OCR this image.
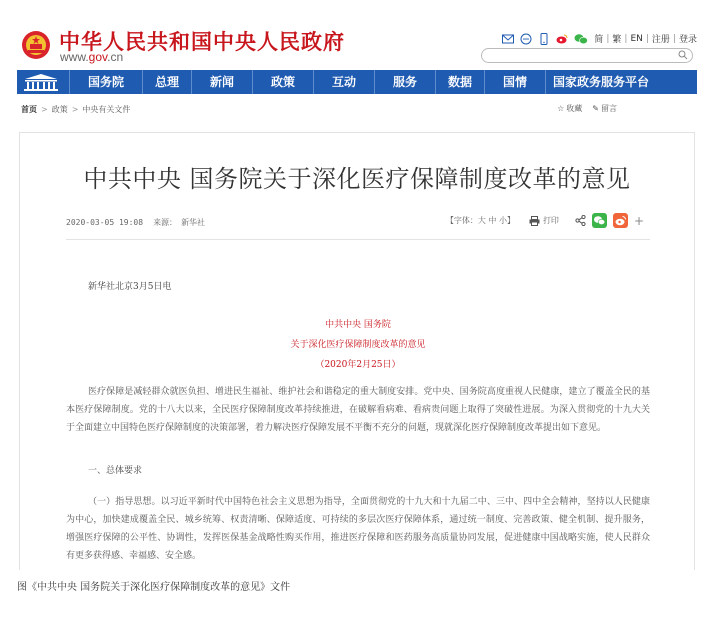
中华人民共和国中央人民政府
www.gov.cn
简 | 繁 | EN | 注册 | 登录
国务院	总理	新闻	政策	互动	服务	数据	国情	国家政务服务平台
首页 > 政策 > 中央有关文件	☆ 收藏 ✎ 留言
中共中央 国务院关于深化医疗保障制度改革的意见
2020-03-05 19:08 来源： 新华社	【字体：大 中 小】	打印	+
新华社北京3月5日电
中共中央 国务院
关于深化医疗保障制度改革的意见
（2020年2月25日）
医疗保障是减轻群众就医负担、增进民生福祉、维护社会和谐稳定的重大制度安排。党中央、国务院高度重视人民健康，建立了覆盖全民的基本医疗保障制度。党的十八大以来，全民医疗保障制度改革持续推进，在破解看病难、看病贵问题上取得了突破性进展。为深入贯彻党的十九大关于全面建立中国特色医疗保障制度的决策部署，着力解决医疗保障发展不平衡不充分的问题，现就深化医疗保障制度改革提出如下意见。
一、总体要求
（一）指导思想。以习近平新时代中国特色社会主义思想为指导，全面贯彻党的十九大和十九届二中、三中、四中全会精神，坚持以人民健康为中心，加快建成覆盖全民、城乡统筹、权责清晰、保障适度、可持续的多层次医疗保障体系，通过统一制度、完善政策、健全机制、提升服务，增强医疗保障的公平性、协调性，发挥医保基金战略性购买作用，推进医疗保障和医药服务高质量协同发展，促进健康中国战略实施，使人民群众有更多获得感、幸福感、安全感。
图《中共中央 国务院关于深化医疗保障制度改革的意见》文件
